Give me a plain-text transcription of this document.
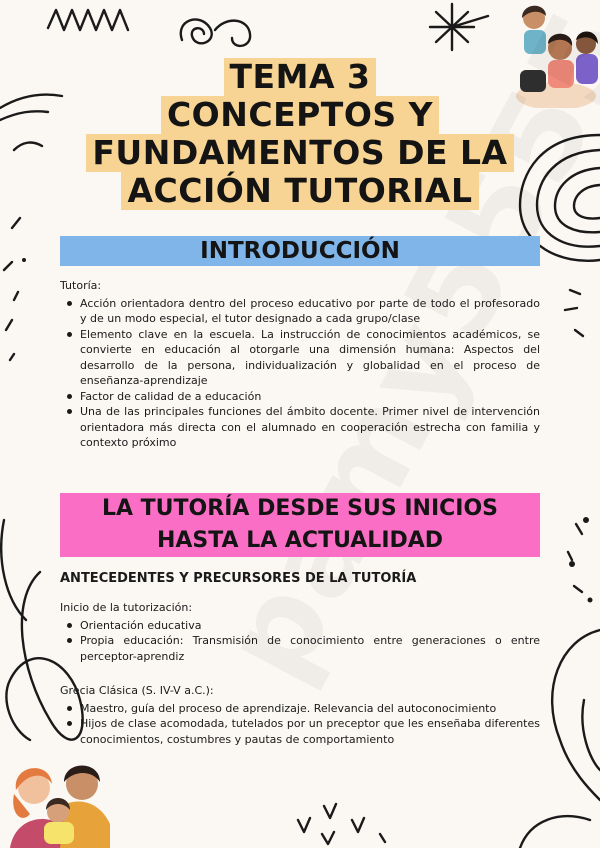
TEMA 3
CONCEPTOS Y
FUNDAMENTOS DE LA
ACCIÓN TUTORIAL
INTRODUCCIÓN
Tutoría:
Acción orientadora dentro del proceso educativo por parte de todo el profesorado y de un modo especial, el tutor designado a cada grupo/clase
Elemento clave en la escuela. La instrucción de conocimientos académicos, se convierte en educación al otorgarle una dimensión humana: Aspectos del desarrollo de la persona, individualización y globalidad en el proceso de enseñanza-aprendizaje
Factor de calidad de a educación
Una de las principales funciones del ámbito docente. Primer nivel de intervención orientadora más directa con el alumnado en cooperación estrecha con familia y contexto próximo
LA TUTORÍA DESDE SUS INICIOS
HASTA LA ACTUALIDAD
ANTECEDENTES Y PRECURSORES DE LA TUTORÍA
Inicio de la tutorización:
Orientación educativa
Propia educación: Transmisión de conocimiento entre generaciones o entre perceptor-aprendiz
Grecia Clásica (S. IV-V a.C.):
Maestro, guía del proceso de aprendizaje. Relevancia del autoconocimiento
Hijos de clase acomodada, tutelados por un preceptor que les enseñaba diferentes conocimientos, costumbres y pautas de comportamiento
